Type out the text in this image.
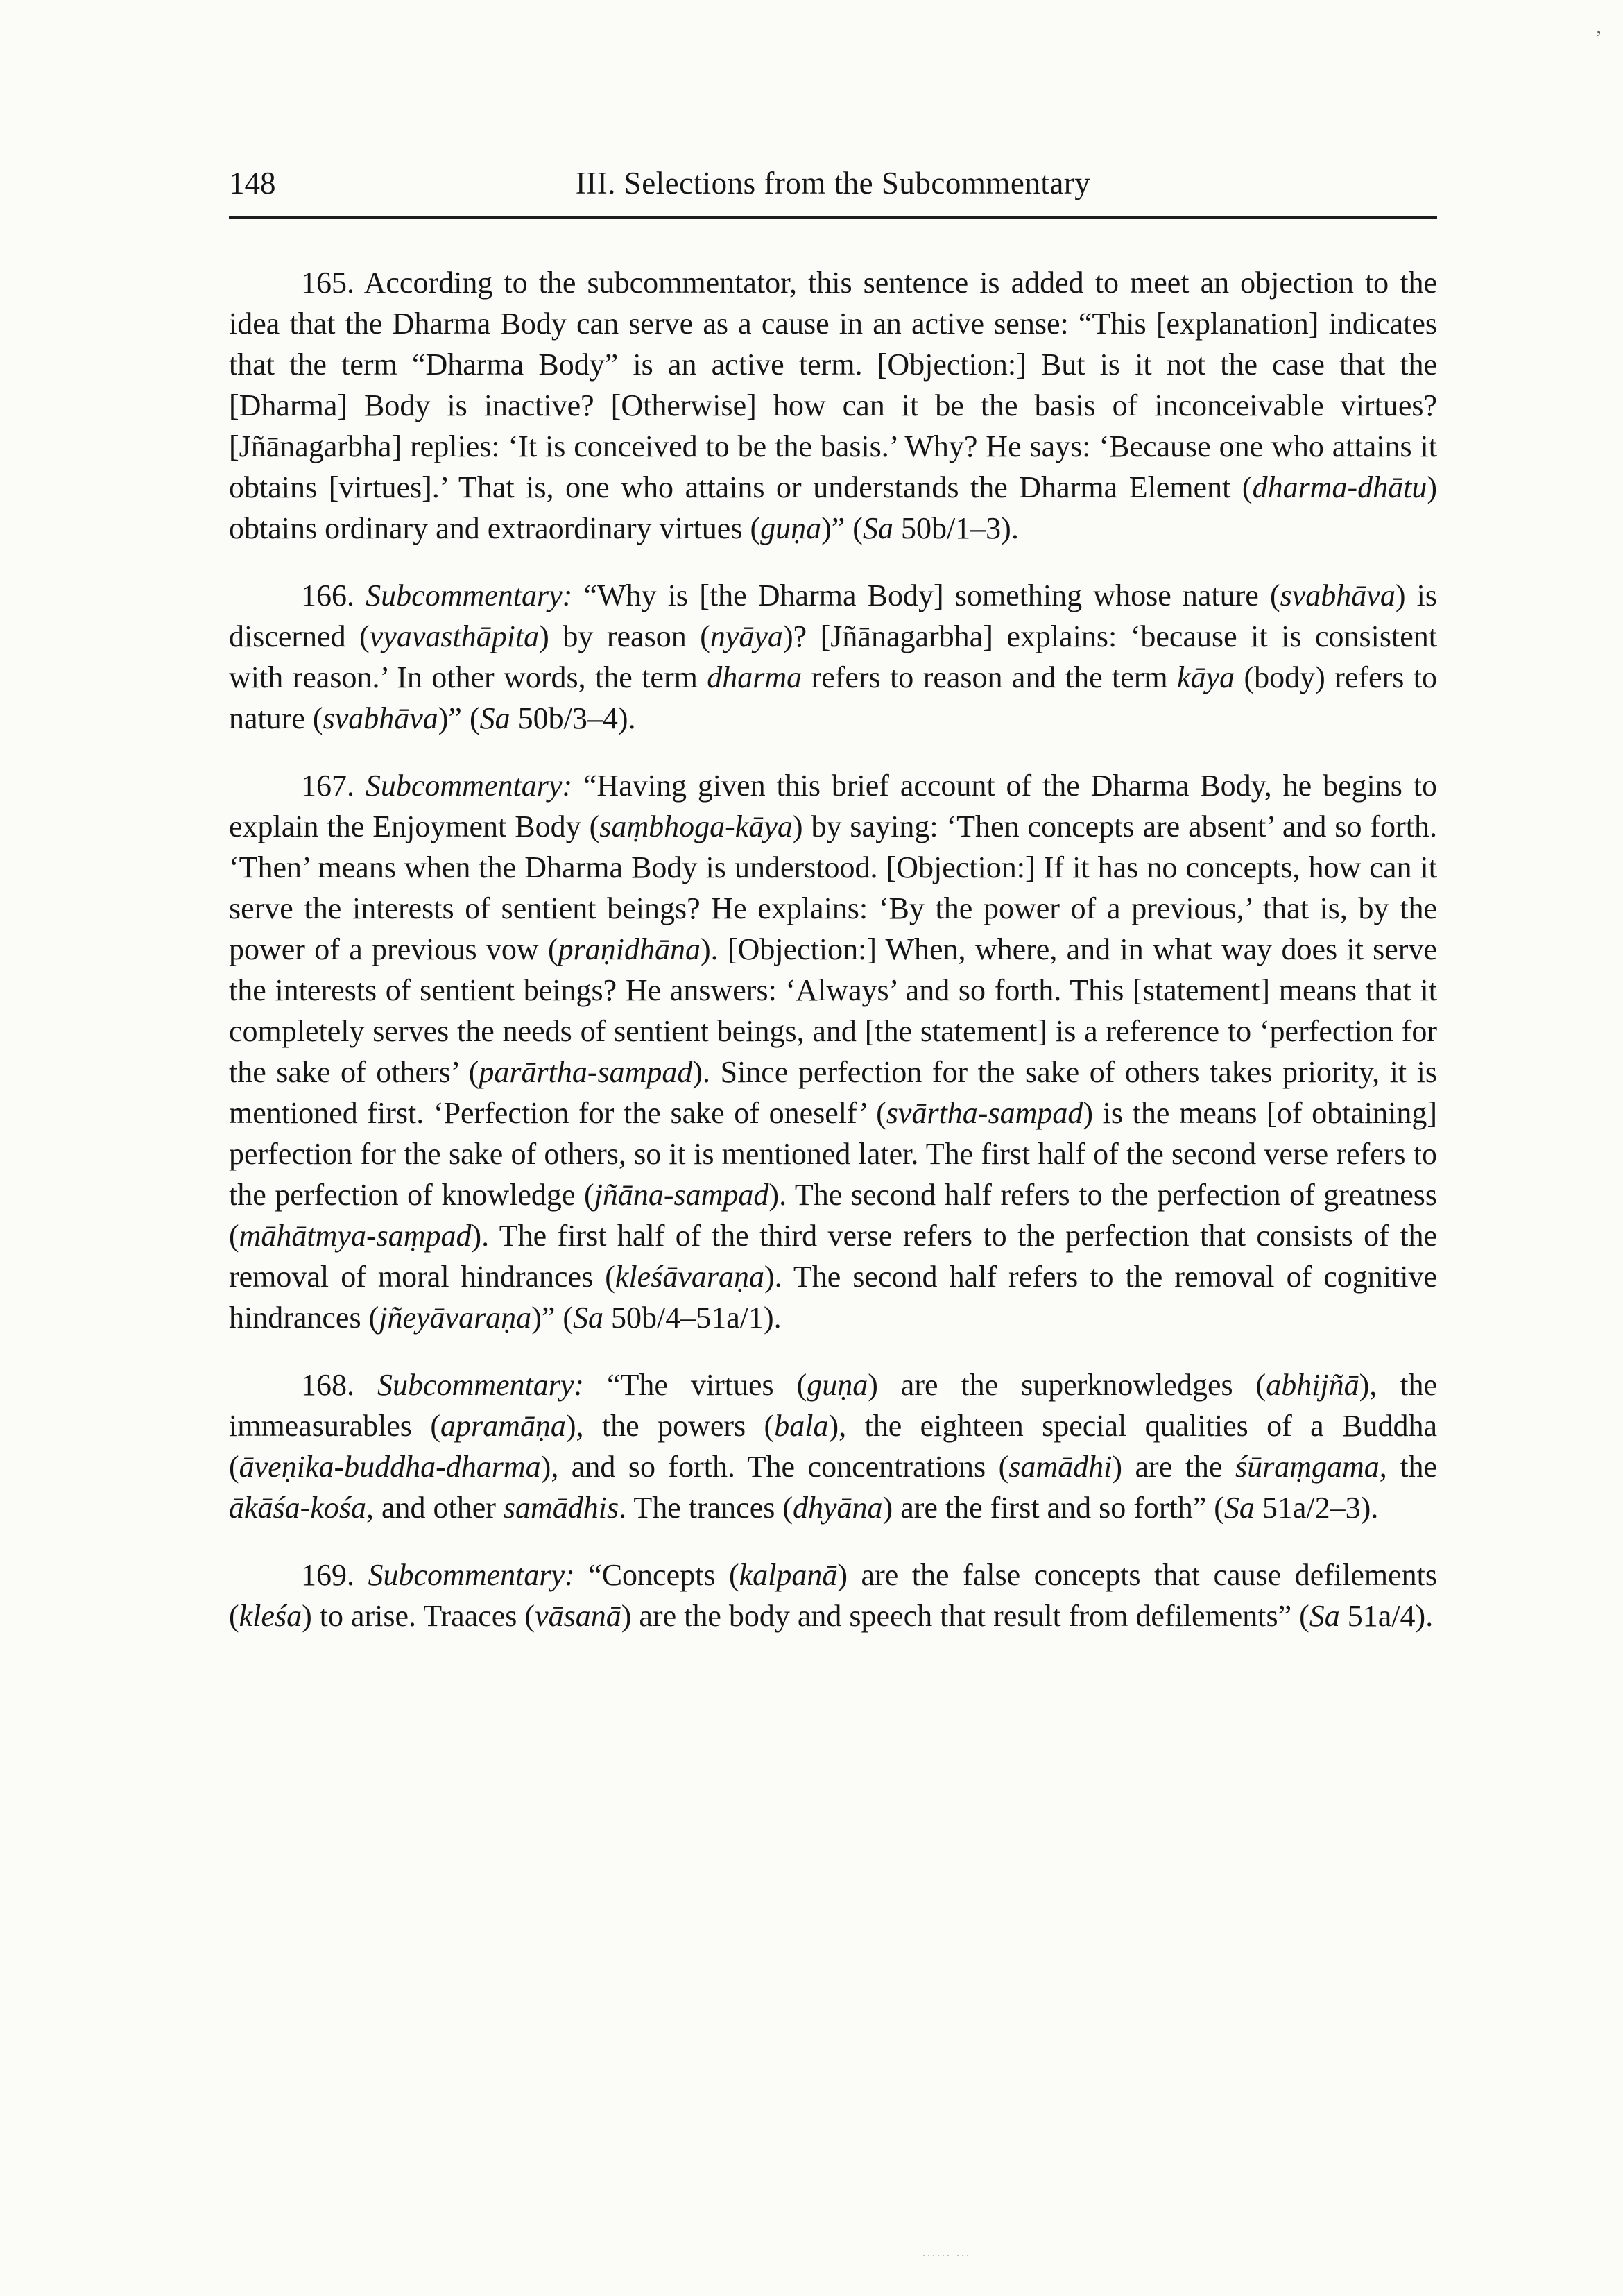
’
148	III. Selections from the Subcommentary

165. According to the subcommentator, this sentence is added to meet an objection to the idea that the Dharma Body can serve as a cause in an active sense: “This [explanation] indicates that the term “Dharma Body” is an active term. [Objection:] But is it not the case that the [Dharma] Body is inactive? [Otherwise] how can it be the basis of inconceivable virtues? [Jñānagarbha] replies: ‘It is conceived to be the basis.’ Why? He says: ‘Because one who attains it obtains [virtues].’ That is, one who attains or understands the Dharma Element (dharma-dhātu) obtains ordinary and extraordinary virtues (guṇa)” (Sa 50b/1–3).

166. Subcommentary: “Why is [the Dharma Body] something whose nature (svabhāva) is discerned (vyavasthāpita) by reason (nyāya)? [Jñānagarbha] explains: ‘because it is consistent with reason.’ In other words, the term dharma refers to reason and the term kāya (body) refers to nature (svabhāva)” (Sa 50b/3–4).

167. Subcommentary: “Having given this brief account of the Dharma Body, he begins to explain the Enjoyment Body (saṃbhoga-kāya) by saying: ‘Then concepts are absent’ and so forth. ‘Then’ means when the Dharma Body is understood. [Objection:] If it has no concepts, how can it serve the interests of sentient beings? He explains: ‘By the power of a previous,’ that is, by the power of a previous vow (praṇidhāna). [Objection:] When, where, and in what way does it serve the interests of sentient beings? He answers: ‘Always’ and so forth. This [statement] means that it completely serves the needs of sentient beings, and [the statement] is a reference to ‘perfection for the sake of others’ (parārtha-sampad). Since perfection for the sake of others takes priority, it is mentioned first. ‘Perfection for the sake of oneself’ (svārtha-sampad) is the means [of obtaining] perfection for the sake of others, so it is mentioned later. The first half of the second verse refers to the perfection of knowledge (jñāna-sampad). The second half refers to the perfection of greatness (māhātmya-saṃpad). The first half of the third verse refers to the perfection that consists of the removal of moral hindrances (kleśāvaraṇa). The second half refers to the removal of cognitive hindrances (jñeyāvaraṇa)” (Sa 50b/4–51a/1).

168. Subcommentary: “The virtues (guṇa) are the superknowledges (abhijñā), the immeasurables (apramāṇa), the powers (bala), the eighteen special qualities of a Buddha (āveṇika-buddha-dharma), and so forth. The concentrations (samādhi) are the śūraṃgama, the ākāśa-kośa, and other samādhis. The trances (dhyāna) are the first and so forth” (Sa 51a/2–3).

169. Subcommentary: “Concepts (kalpanā) are the false concepts that cause defilements (kleśa) to arise. Traaces (vāsanā) are the body and speech that result from defilements” (Sa 51a/4).

...... ...
